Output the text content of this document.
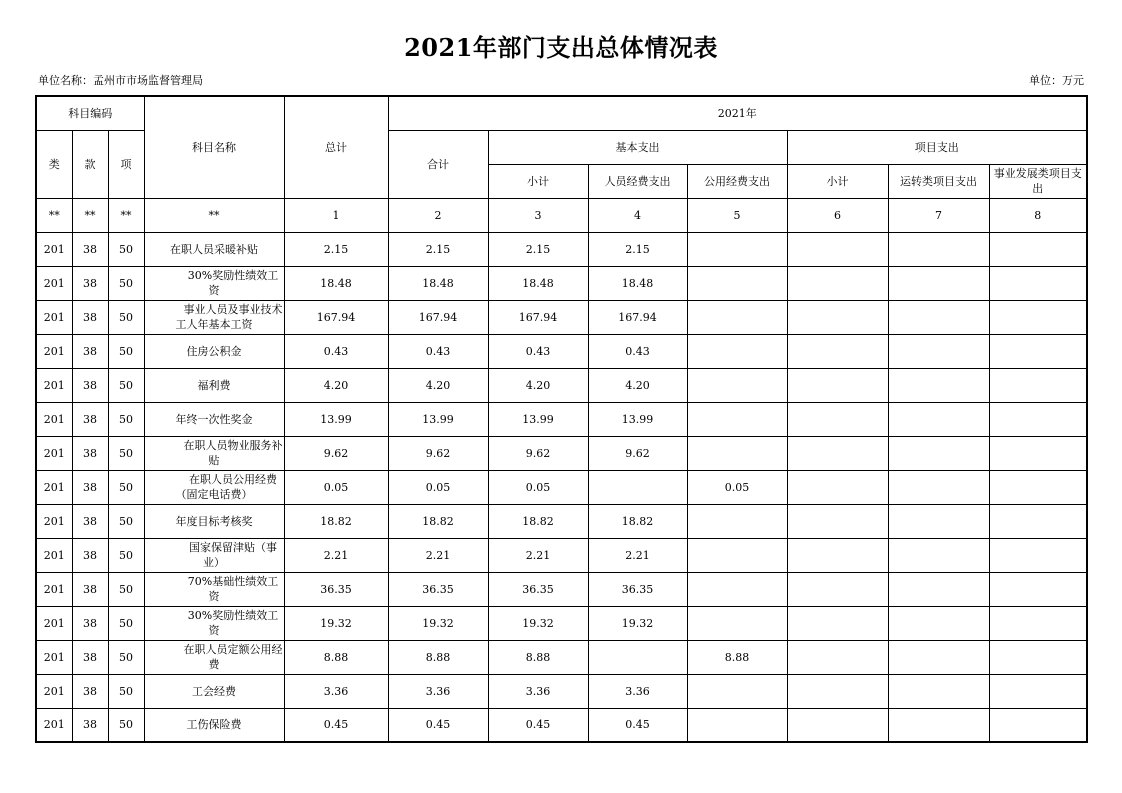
2021年部门支出总体情况表
单位名称：孟州市市场监督管理局	单位：万元
科目编码			科目名称	总计	2021年						
类	款	项			合计	基本支出			项目支出		
						小计	人员经费支出	公用经费支出	小计	运转类项目支出	事业发展类项目支出
**	**	**	**	1	2	3	4	5	6	7	8
201	38	50	在职人员采暖补贴	2.15	2.15	2.15	2.15				
201	38	50	30%奖励性绩效工资	18.48	18.48	18.48	18.48				
201	38	50	事业人员及事业技术工人年基本工资	167.94	167.94	167.94	167.94				
201	38	50	住房公积金	0.43	0.43	0.43	0.43				
201	38	50	福利费	4.20	4.20	4.20	4.20				
201	38	50	年终一次性奖金	13.99	13.99	13.99	13.99				
201	38	50	在职人员物业服务补贴	9.62	9.62	9.62	9.62				
201	38	50	在职人员公用经费（固定电话费）	0.05	0.05	0.05		0.05			
201	38	50	年度目标考核奖	18.82	18.82	18.82	18.82				
201	38	50	国家保留津贴（事业）	2.21	2.21	2.21	2.21				
201	38	50	70%基础性绩效工资	36.35	36.35	36.35	36.35				
201	38	50	30%奖励性绩效工资	19.32	19.32	19.32	19.32				
201	38	50	在职人员定额公用经费	8.88	8.88	8.88		8.88			
201	38	50	工会经费	3.36	3.36	3.36	3.36				
201	38	50	工伤保险费	0.45	0.45	0.45	0.45				
